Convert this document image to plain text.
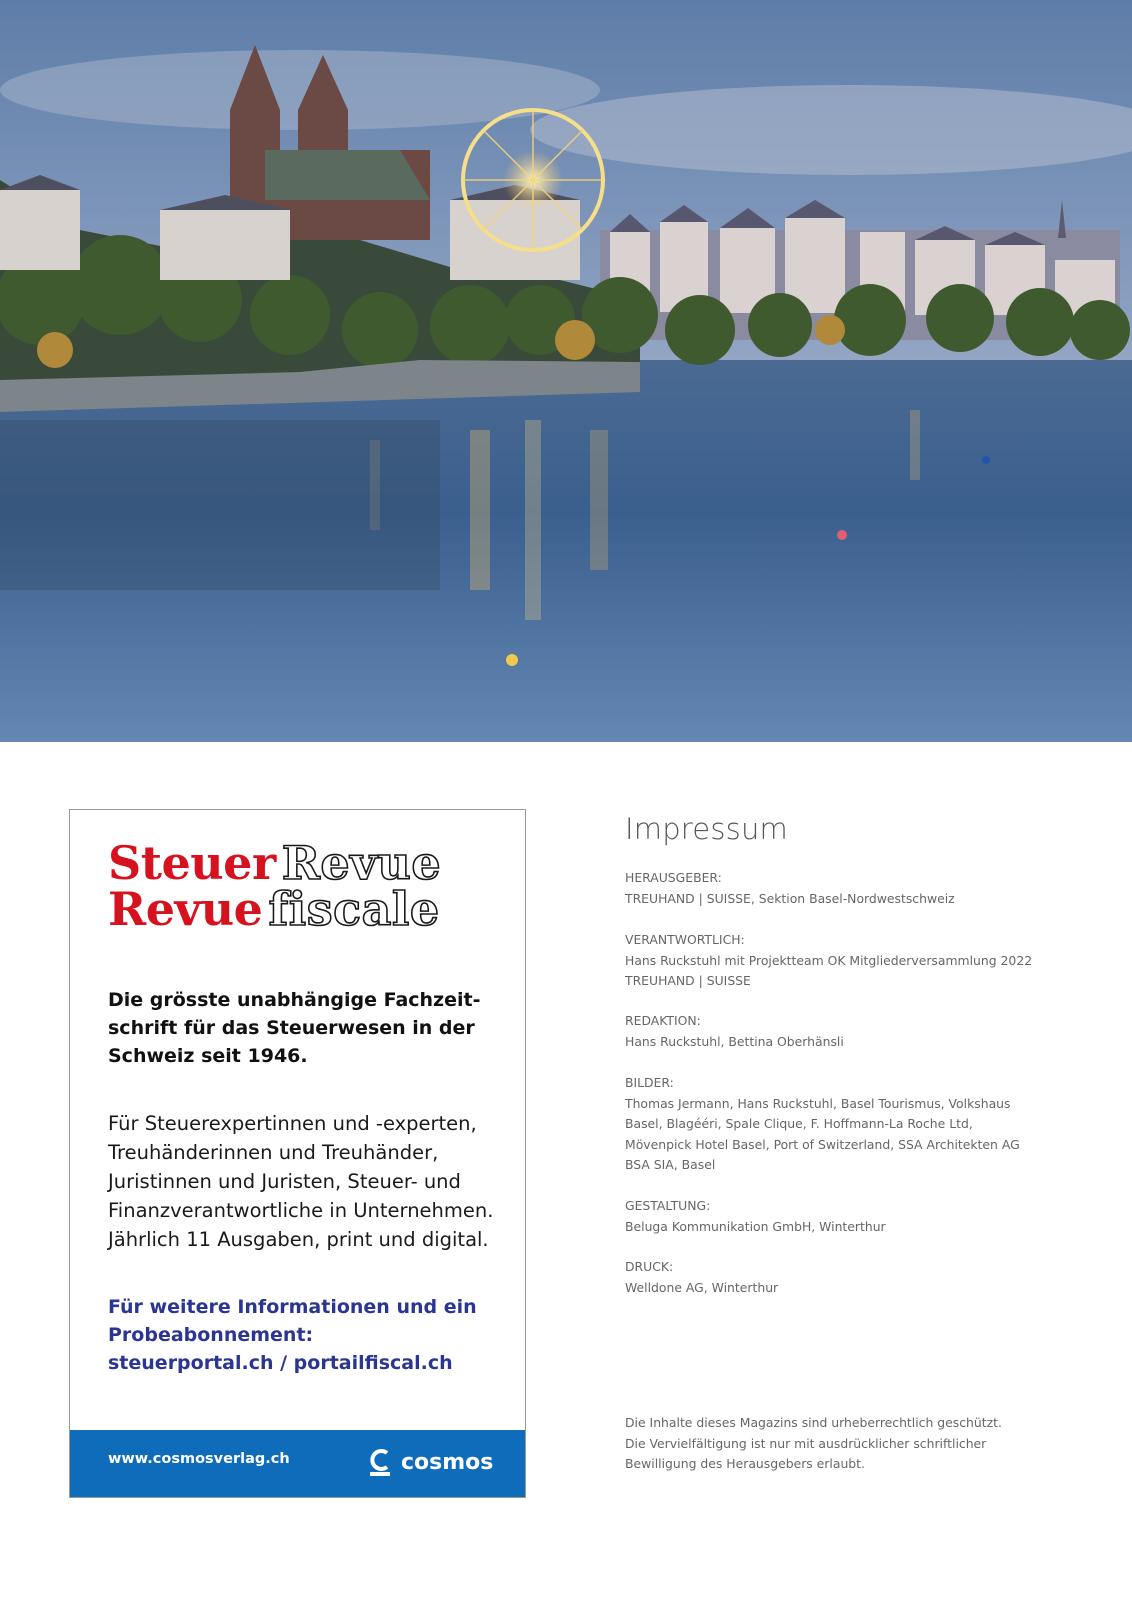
Steuer Revue
Revue fiscale
Die grösste unabhängige Fachzeit-
schrift für das Steuerwesen in der
Schweiz seit 1946.
Für Steuerexpertinnen und -experten,
Treuhänderinnen und Treuhänder,
Juristinnen und Juristen, Steuer- und
Finanzverantwortliche in Unternehmen.
Jährlich 11 Ausgaben, print und digital.
Für weitere Informationen und ein
Probeabonnement:
steuerportal.ch / portailfiscal.ch
www.cosmosverlag.ch	cosmos
Impressum
HERAUSGEBER:
TREUHAND | SUISSE, Sektion Basel-Nordwestschweiz
VERANTWORTLICH:
Hans Ruckstuhl mit Projektteam OK Mitgliederversammlung 2022
TREUHAND | SUISSE
REDAKTION:
Hans Ruckstuhl, Bettina Oberhänsli
BILDER:
Thomas Jermann, Hans Ruckstuhl, Basel Tourismus, Volkshaus
Basel, Blagééri, Spale Clique, F. Hoffmann-La Roche Ltd,
Mövenpick Hotel Basel, Port of Switzerland, SSA Architekten AG
BSA SIA, Basel
GESTALTUNG:
Beluga Kommunikation GmbH, Winterthur
DRUCK:
Welldone AG, Winterthur
Die Inhalte dieses Magazins sind urheberrechtlich geschützt.
Die Vervielfältigung ist nur mit ausdrücklicher schriftlicher
Bewilligung des Herausgebers erlaubt.
